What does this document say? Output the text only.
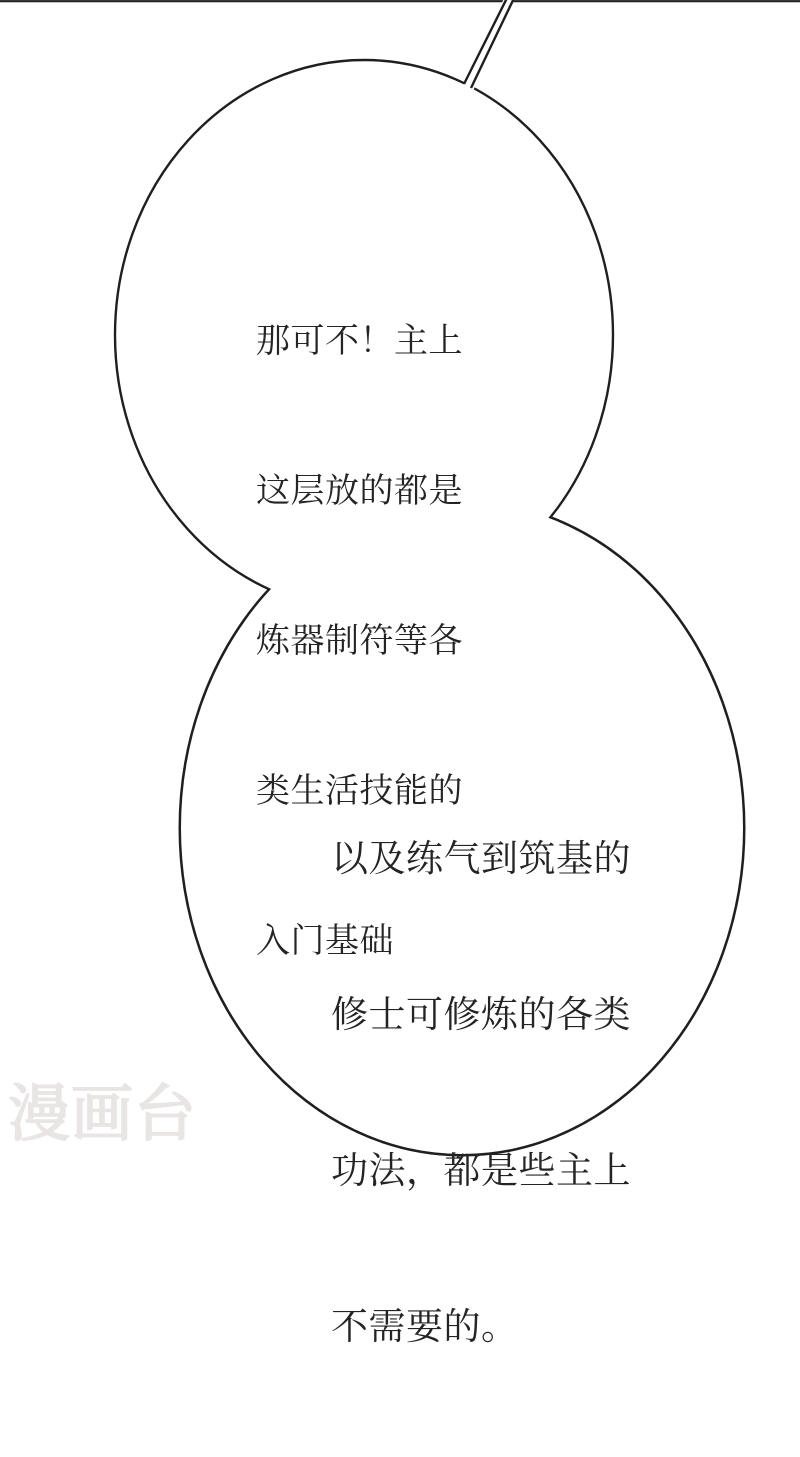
那可不！主上

这层放的都是

炼器制符等各

类生活技能的

入门基础

以及练气到筑基的

修士可修炼的各类

功法，都是些主上

不需要的。

漫画台
